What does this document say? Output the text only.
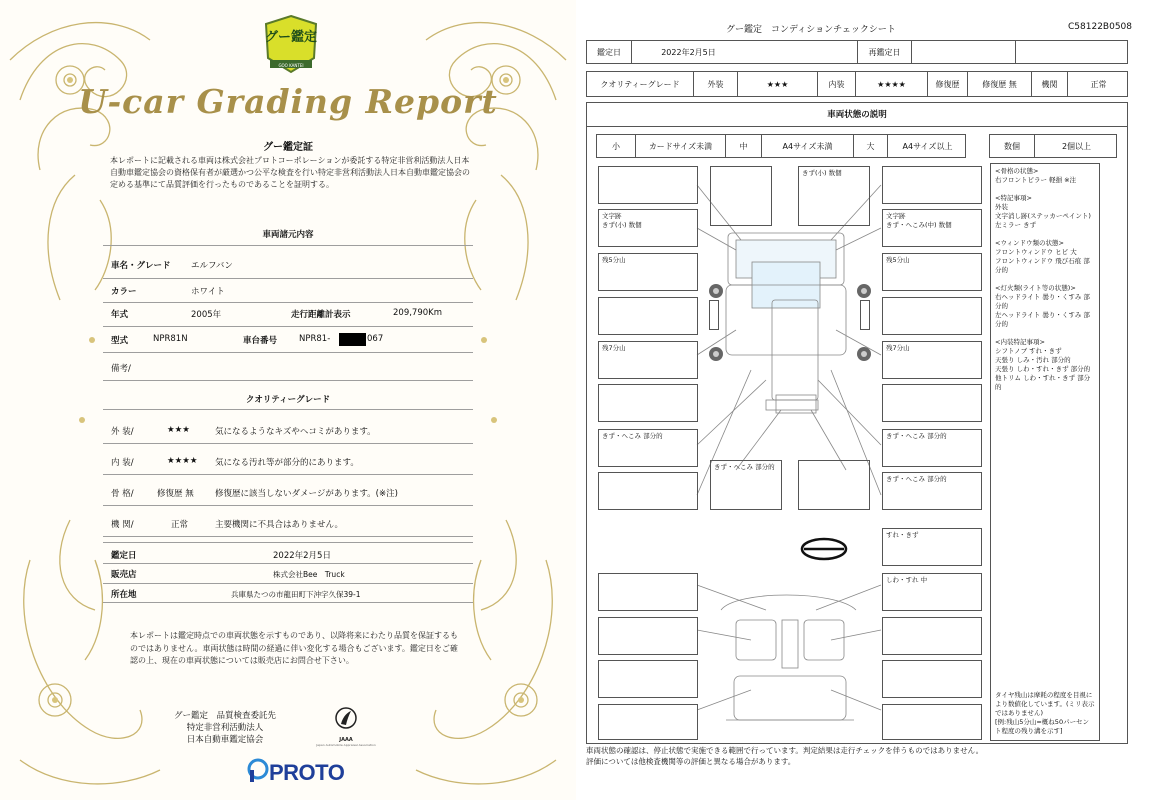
グー鑑定
GOO KANTEI
U-car Grading Report
グー鑑定証
本レポートに記載される車両は株式会社プロトコーポレーションが委託する特定非営利活動法人日本自動車鑑定協会の資格保有者が厳選かつ公平な検査を行い特定非営利活動法人日本自動車鑑定協会の定める基準にて品質評価を行ったものであることを証明する。
車両諸元内容
車名・グレード エルフバン
カラー	ホワイト
年式	2005年	走行距離計表示	209,790Km
型式	NPR81N	車台番号	NPR81-	067
備考/
クオリティーグレード
外 装/	★★★	気になるようなキズやヘコミがあります。
内 装/	★★★★ 気になる汚れ等が部分的にあります。
骨 格/	修復歴 無	修復歴に該当しないダメージがあります。(※注)
機 関/	正常	主要機関に不具合はありません。
鑑定日	2022年2月5日
販売店	株式会社Bee　Truck
所在地	兵庫県たつの市龍田町下沖字久保39-1
本レポートは鑑定時点での車両状態を示すものであり、以降将来にわたり品質を保証するものではありません。車両状態は時間の経過に伴い変化する場合もございます。鑑定日をご確認の上、現在の車両状態については販売店にお問合せ下さい。
グー鑑定　品質検査委託先
特定非営利活動法人
日本自動車鑑定協会	JAAA
Japan Automobile Appraisal Association
PROTO
グー鑑定　コンディションチェックシート	C58122B0508
鑑定日	2022年2月5日	再鑑定日
クオリティーグレード	外装	★★★	内装	★★★★	修復歴	修復歴 無	機関	正常
車両状態の説明
小	カードサイズ未満	中	A4サイズ未満	大	A4サイズ以上	数個	2個以上
文字跡
きず(小) 数個
残5分山
残7分山
きず・へこみ 部分的
きず(小) 数個
きず・へこみ 部分的
文字跡
きず・へこみ(中) 数個
残5分山
残7分山
きず・へこみ 部分的
きず・へこみ 部分的
すれ・きず
しわ・すれ 中
車両状態の確認は、停止状態で実施できる範囲で行っています。判定結果は走行チェックを伴うものではありません。
評価については他検査機関等の評価と異なる場合があります。
<骨格の状態>
右フロントピラー 軽損 ※注
<特記事項>
外装
文字消し跡(ステッカーペイント)
左ミラー きず
<ウィンドウ類の状態>
フロントウィンドウ ヒビ 大
フロントウィンドウ 飛び石痕 部分的
<灯火類(ライト等の状態)>
右ヘッドライト 曇り・くすみ 部分的
左ヘッドライト 曇り・くすみ 部分的
<内装特記事項>
シフトノブ すれ・きず
天張り しみ・汚れ 部分的
天張り しわ・すれ・きず 部分的
他トリム しわ・すれ・きず 部分的
タイヤ残山は摩耗の程度を目視により数値化しています。(ミリ表示ではありません)
[例:残山5分山=概ね50パーセント程度の残り溝を示す]
